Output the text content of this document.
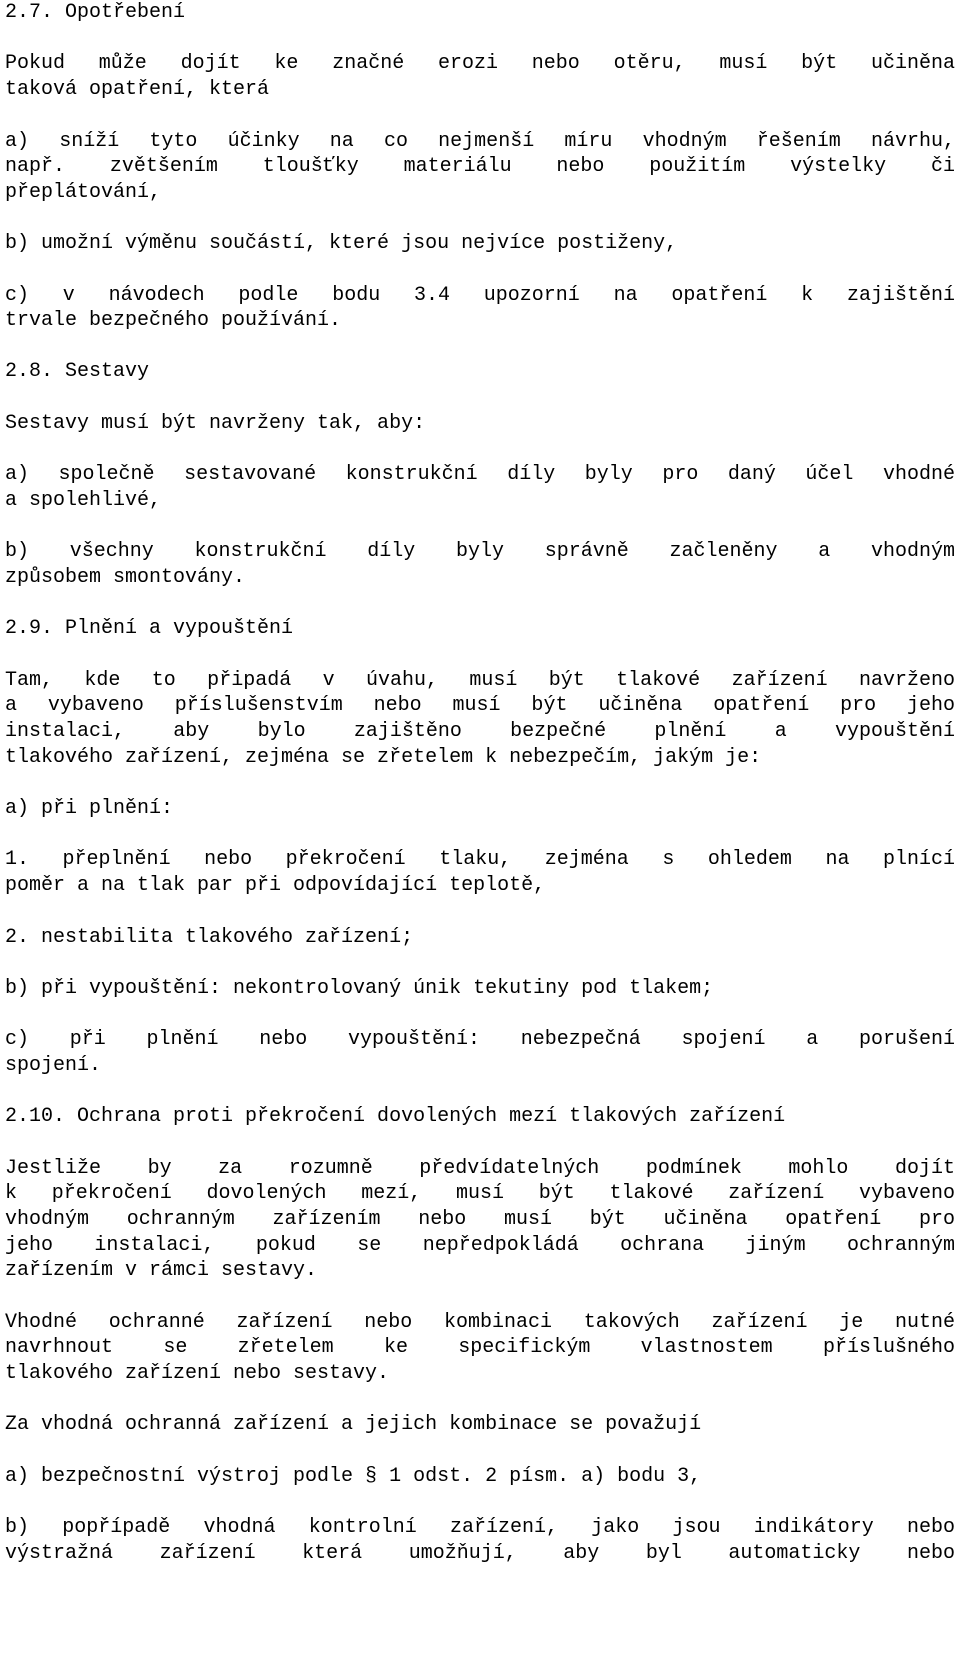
2.7. Opotřebení
Pokud může dojít ke značné erozi nebo otěru, musí být učiněna
taková opatření, která
a) sníží tyto účinky na co nejmenší míru vhodným řešením návrhu,
např. zvětšením tloušťky materiálu nebo použitím výstelky či
přeplátování,
b) umožní výměnu součástí, které jsou nejvíce postiženy,
c) v návodech podle bodu 3.4 upozorní na opatření k zajištění
trvale bezpečného používání.
2.8. Sestavy
Sestavy musí být navrženy tak, aby:
a) společně sestavované konstrukční díly byly pro daný účel vhodné
a spolehlivé,
b) všechny konstrukční díly byly správně začleněny a vhodným
způsobem smontovány.
2.9. Plnění a vypouštění
Tam, kde to připadá v úvahu, musí být tlakové zařízení navrženo
a vybaveno příslušenstvím nebo musí být učiněna opatření pro jeho
instalaci, aby bylo zajištěno bezpečné plnění a vypouštění
tlakového zařízení, zejména se zřetelem k nebezpečím, jakým je:
a) při plnění:
1. přeplnění nebo překročení tlaku, zejména s ohledem na plnící
poměr a na tlak par při odpovídající teplotě,
2. nestabilita tlakového zařízení;
b) při vypouštění: nekontrolovaný únik tekutiny pod tlakem;
c) při plnění nebo vypouštění: nebezpečná spojení a porušení
spojení.
2.10. Ochrana proti překročení dovolených mezí tlakových zařízení
Jestliže by za rozumně předvídatelných podmínek mohlo dojít
k překročení dovolených mezí, musí být tlakové zařízení vybaveno
vhodným ochranným zařízením nebo musí být učiněna opatření pro
jeho instalaci, pokud se nepředpokládá ochrana jiným ochranným
zařízením v rámci sestavy.
Vhodné ochranné zařízení nebo kombinaci takových zařízení je nutné
navrhnout se zřetelem ke specifickým vlastnostem příslušného
tlakového zařízení nebo sestavy.
Za vhodná ochranná zařízení a jejich kombinace se považují
a) bezpečnostní výstroj podle § 1 odst. 2 písm. a) bodu 3,
b) popřípadě vhodná kontrolní zařízení, jako jsou indikátory nebo
výstražná zařízení která umožňují, aby byl automaticky nebo
